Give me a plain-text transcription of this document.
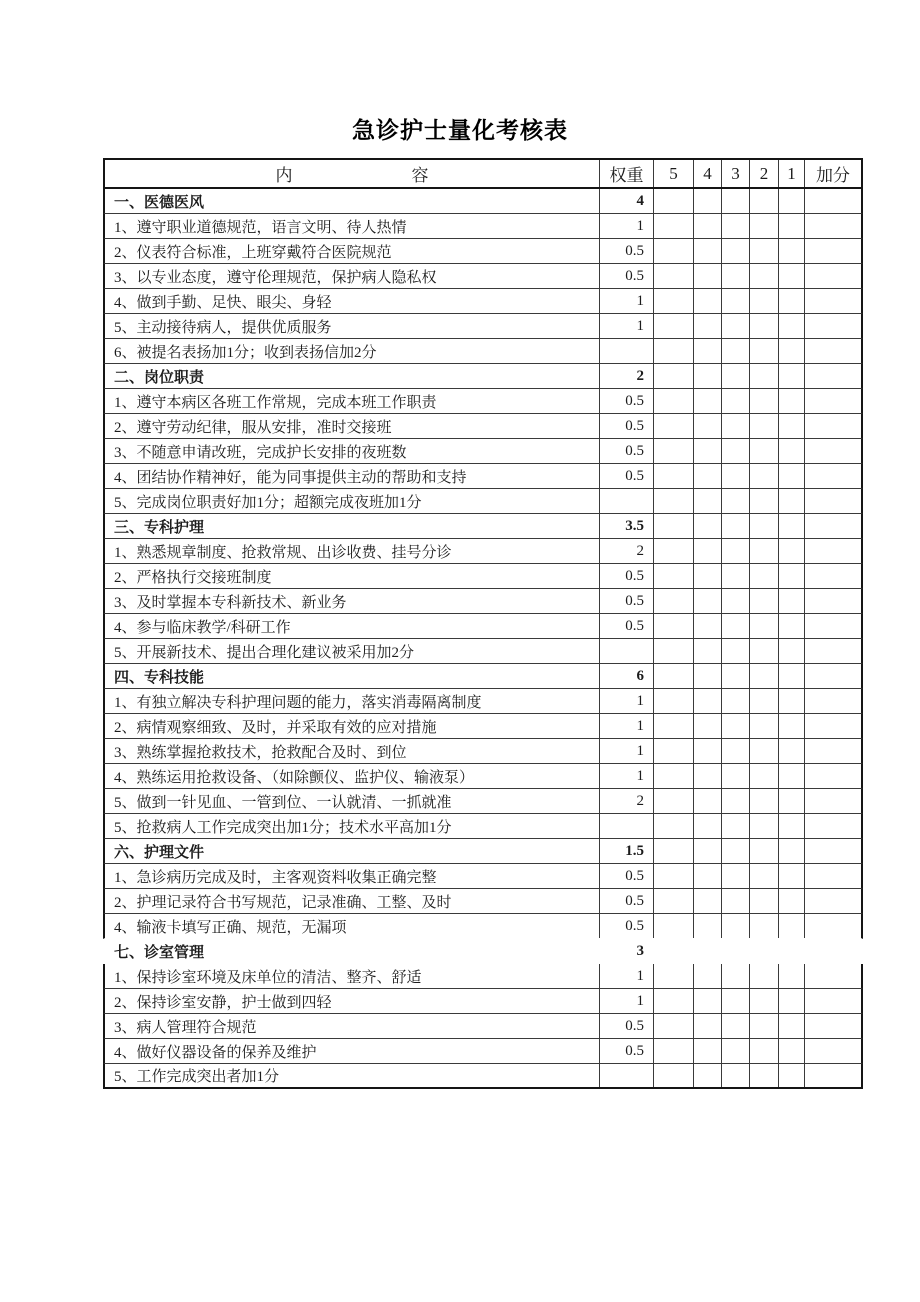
急诊护士量化考核表
内　　　　　　　容	权重	5	4	3	2	1	加分
一、医德医风	4
1、遵守职业道德规范，语言文明、待人热情	1
2、仪表符合标准，上班穿戴符合医院规范	0.5
3、以专业态度，遵守伦理规范，保护病人隐私权	0.5
4、做到手勤、足快、眼尖、身轻	1
5、主动接待病人，提供优质服务	1
6、被提名表扬加1分；收到表扬信加2分
二、岗位职责	2
1、遵守本病区各班工作常规，完成本班工作职责	0.5
2、遵守劳动纪律，服从安排，准时交接班	0.5
3、不随意申请改班，完成护长安排的夜班数	0.5
4、团结协作精神好，能为同事提供主动的帮助和支持	0.5
5、完成岗位职责好加1分；超额完成夜班加1分
三、专科护理	3.5
1、熟悉规章制度、抢救常规、出诊收费、挂号分诊	2
2、严格执行交接班制度	0.5
3、及时掌握本专科新技术、新业务	0.5
4、参与临床教学/科研工作	0.5
5、开展新技术、提出合理化建议被采用加2分
四、专科技能	6
1、有独立解决专科护理问题的能力，落实消毒隔离制度	1
2、病情观察细致、及时，并采取有效的应对措施	1
3、熟练掌握抢救技术，抢救配合及时、到位	1
4、熟练运用抢救设备、（如除颤仪、监护仪、输液泵）	1
5、做到一针见血、一管到位、一认就清、一抓就准	2
5、抢救病人工作完成突出加1分；技术水平高加1分
六、护理文件	1.5
1、急诊病历完成及时，主客观资料收集正确完整	0.5
2、护理记录符合书写规范，记录准确、工整、及时	0.5
4、输液卡填写正确、规范，无漏项	0.5
七、诊室管理	3
1、保持诊室环境及床单位的清洁、整齐、舒适	1
2、保持诊室安静，护士做到四轻	1
3、病人管理符合规范	0.5
4、做好仪器设备的保养及维护	0.5
5、工作完成突出者加1分
